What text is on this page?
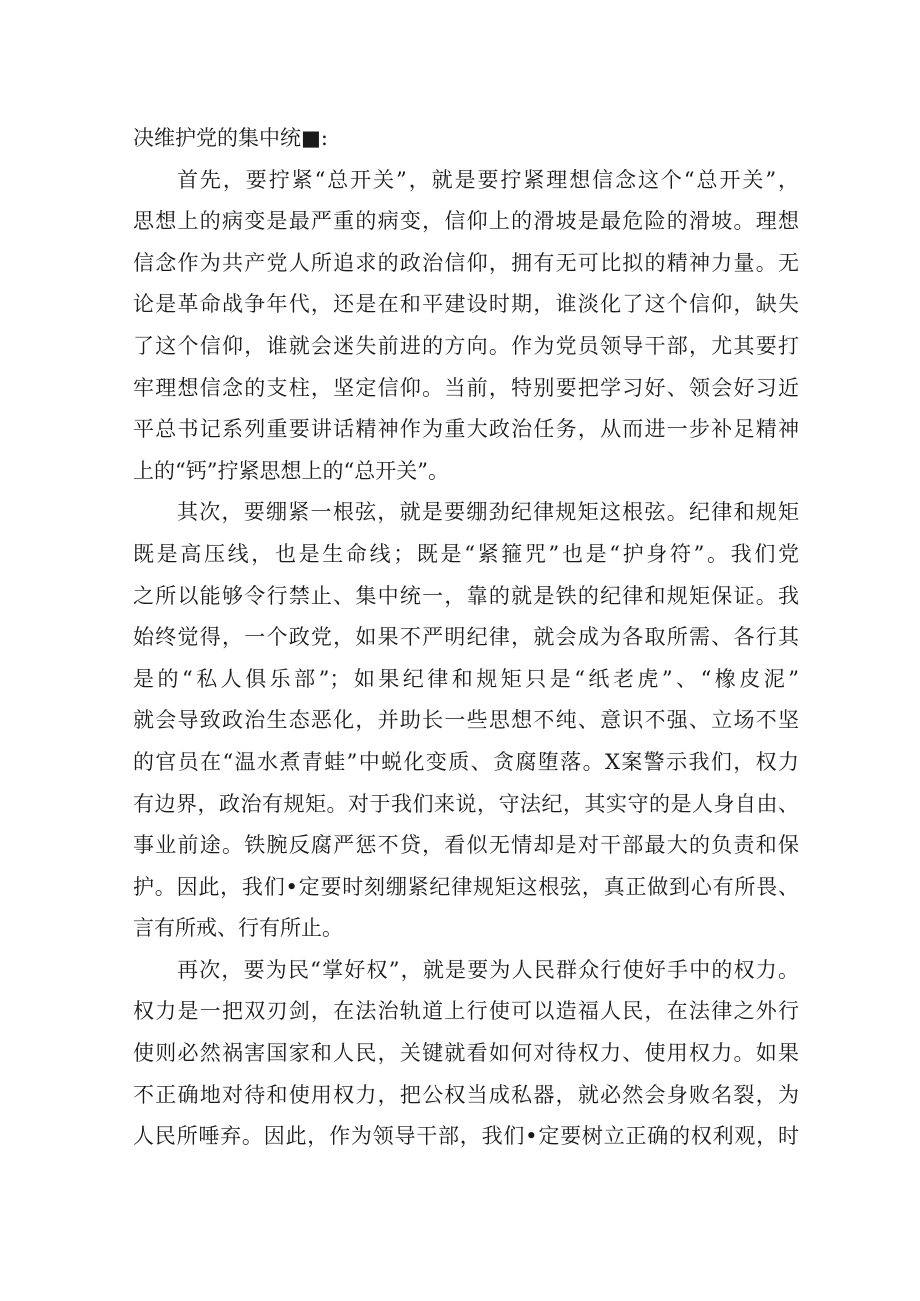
决维护党的集中统■:
首先，要拧紧“总开关”，就是要拧紧理想信念这个“总开关”，
思想上的病变是最严重的病变，信仰上的滑坡是最危险的滑坡。理想
信念作为共产党人所追求的政治信仰，拥有无可比拟的精神力量。无
论是革命战争年代，还是在和平建设时期，谁淡化了这个信仰，缺失
了这个信仰，谁就会迷失前进的方向。作为党员领导干部，尤其要打
牢理想信念的支柱，坚定信仰。当前，特别要把学习好、领会好习近
平总书记系列重要讲话精神作为重大政治任务，从而进一步补足精神
上的“钙”拧紧思想上的“总开关”。
其次，要绷紧一根弦，就是要绷劲纪律规矩这根弦。纪律和规矩
既是高压线，也是生命线；既是“紧箍咒”也是“护身符”。我们党
之所以能够令行禁止、集中统一，靠的就是铁的纪律和规矩保证。我
始终觉得，一个政党，如果不严明纪律，就会成为各取所需、各行其
是的“私人俱乐部”；如果纪律和规矩只是“纸老虎”、“橡皮泥”
就会导致政治生态恶化，并助长一些思想不纯、意识不强、立场不坚
的官员在“温水煮青蛙”中蜕化变质、贪腐堕落。X案警示我们，权力
有边界，政治有规矩。对于我们来说，守法纪，其实守的是人身自由、
事业前途。铁腕反腐严惩不贷，看似无情却是对干部最大的负责和保
护。因此，我们•定要时刻绷紧纪律规矩这根弦，真正做到心有所畏、
言有所戒、行有所止。
再次，要为民“掌好权”，就是要为人民群众行使好手中的权力。
权力是一把双刃剑，在法治轨道上行使可以造福人民，在法律之外行
使则必然祸害国家和人民，关键就看如何对待权力、使用权力。如果
不正确地对待和使用权力，把公权当成私器，就必然会身败名裂，为
人民所唾弃。因此，作为领导干部，我们•定要树立正确的权利观，时
